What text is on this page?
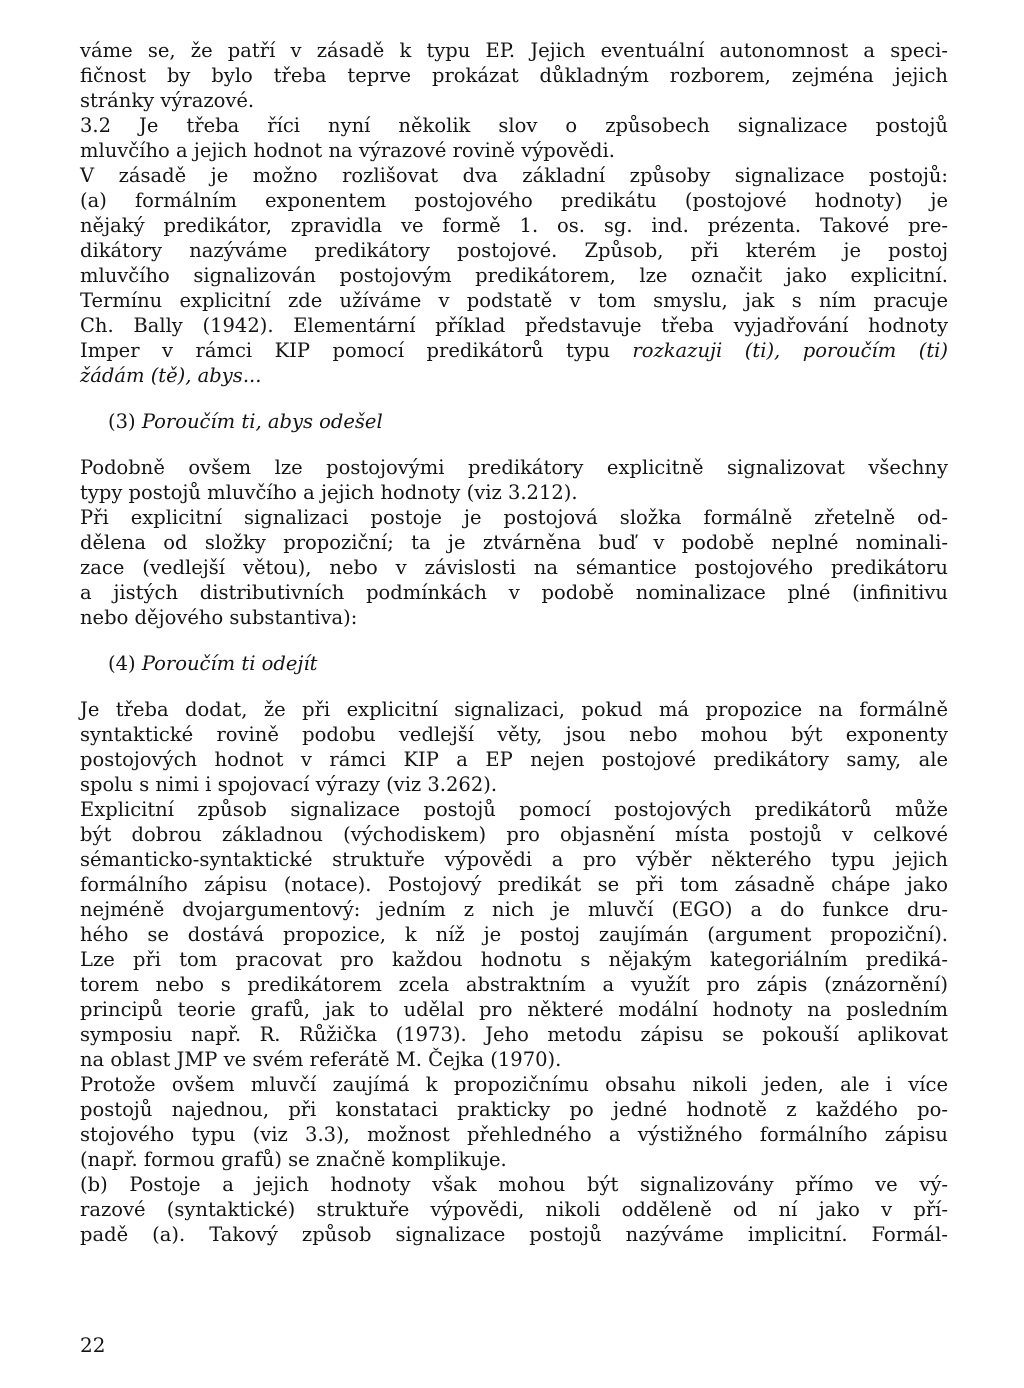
váme se, že patří v zásadě k typu EP. Jejich eventuální autonomnost a speci-
fičnost by bylo třeba teprve prokázat důkladným rozborem, zejména jejich
stránky výrazové.
3.2 Je třeba říci nyní několik slov o způsobech signalizace postojů
mluvčího a jejich hodnot na výrazové rovině výpovědi.
V zásadě je možno rozlišovat dva základní způsoby signalizace postojů:
(a) formálním exponentem postojového predikátu (postojové hodnoty) je
nějaký predikátor, zpravidla ve formě 1. os. sg. ind. prézenta. Takové pre-
dikátory nazýváme predikátory postojové. Způsob, při kterém je postoj
mluvčího signalizován postojovým predikátorem, lze označit jako explicitní.
Termínu explicitní zde užíváme v podstatě v tom smyslu, jak s ním pracuje
Ch. Bally (1942). Elementární příklad představuje třeba vyjadřování hodnoty
Imper v rámci KIP pomocí predikátorů typu rozkazuji (ti), poroučím (ti)
žádám (tě), abys...
(3) Poroučím ti, abys odešel
Podobně ovšem lze postojovými predikátory explicitně signalizovat všechny
typy postojů mluvčího a jejich hodnoty (viz 3.212).
Při explicitní signalizaci postoje je postojová složka formálně zřetelně od-
dělena od složky propoziční; ta je ztvárněna buď v podobě neplné nominali-
zace (vedlejší větou), nebo v závislosti na sémantice postojového predikátoru
a jistých distributivních podmínkách v podobě nominalizace plné (infinitivu
nebo dějového substantiva):
(4) Poroučím ti odejít
Je třeba dodat, že při explicitní signalizaci, pokud má propozice na formálně
syntaktické rovině podobu vedlejší věty, jsou nebo mohou být exponenty
postojových hodnot v rámci KIP a EP nejen postojové predikátory samy, ale
spolu s nimi i spojovací výrazy (viz 3.262).
Explicitní způsob signalizace postojů pomocí postojových predikátorů může
být dobrou základnou (východiskem) pro objasnění místa postojů v celkové
sémanticko-syntaktické struktuře výpovědi a pro výběr některého typu jejich
formálního zápisu (notace). Postojový predikát se při tom zásadně chápe jako
nejméně dvojargumentový: jedním z nich je mluvčí (EGO) a do funkce dru-
hého se dostává propozice, k níž je postoj zaujímán (argument propoziční).
Lze při tom pracovat pro každou hodnotu s nějakým kategoriálním prediká-
torem nebo s predikátorem zcela abstraktním a využít pro zápis (znázornění)
principů teorie grafů, jak to udělal pro některé modální hodnoty na posledním
symposiu např. R. Růžička (1973). Jeho metodu zápisu se pokouší aplikovat
na oblast JMP ve svém referátě M. Čejka (1970).
Protože ovšem mluvčí zaujímá k propozičnímu obsahu nikoli jeden, ale i více
postojů najednou, při konstataci prakticky po jedné hodnotě z každého po-
stojového typu (viz 3.3), možnost přehledného a výstižného formálního zápisu
(např. formou grafů) se značně komplikuje.
(b) Postoje a jejich hodnoty však mohou být signalizovány přímo ve vý-
razové (syntaktické) struktuře výpovědi, nikoli odděleně od ní jako v pří-
padě (a). Takový způsob signalizace postojů nazýváme implicitní. Formál-
22
